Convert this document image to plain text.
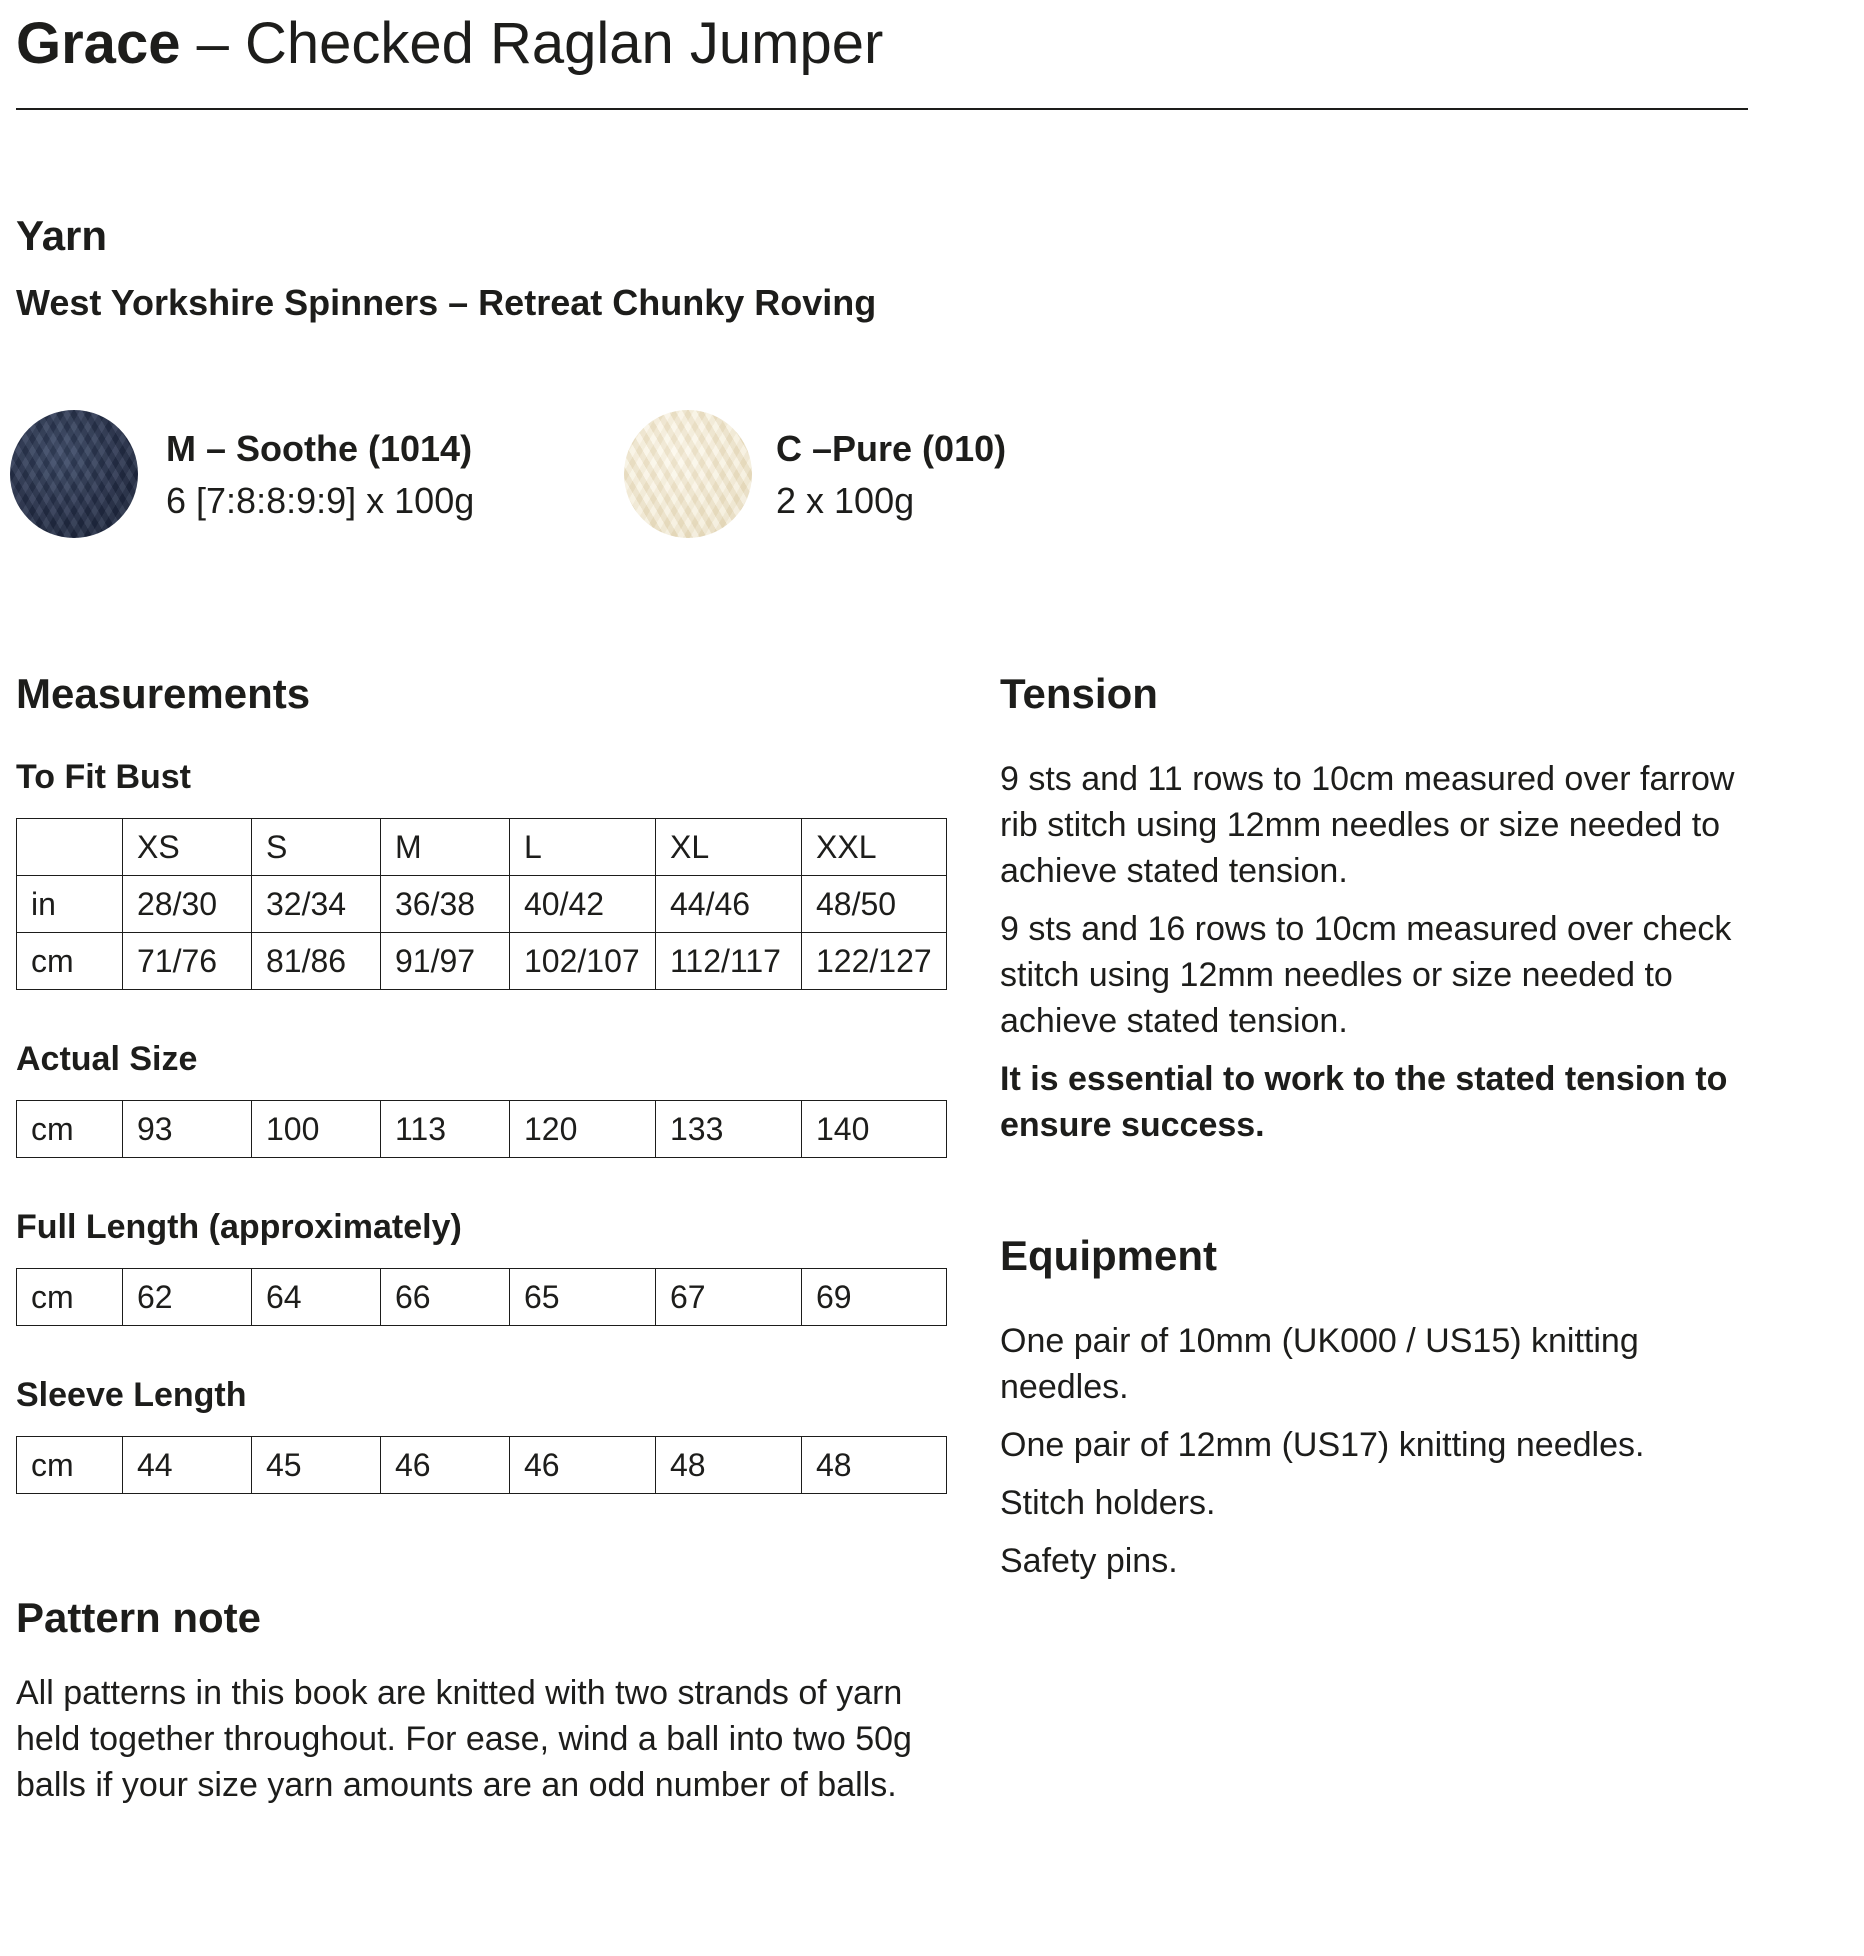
Grace – Checked Raglan Jumper
Yarn
West Yorkshire Spinners – Retreat Chunky Roving
M – Soothe (1014)
6 [7:8:8:9:9] x 100g
C –Pure (010)
2 x 100g
Measurements
To Fit Bust
	XS	S	M	L	XL	XXL
in	28/30	32/34	36/38	40/42	44/46	48/50
cm	71/76	81/86	91/97	102/107	112/117	122/127
Actual Size
cm	93	100	113	120	133	140
Full Length (approximately)
cm	62	64	66	65	67	69
Sleeve Length
cm	44	45	46	46	48	48
Pattern note
All patterns in this book are knitted with two strands of yarn held together throughout. For ease, wind a ball into two 50g balls if your size yarn amounts are an odd number of balls.
Tension
9 sts and 11 rows to 10cm measured over farrow rib stitch using 12mm needles or size needed to achieve stated tension.
9 sts and 16 rows to 10cm measured over check stitch using 12mm needles or size needed to achieve stated tension.
It is essential to work to the stated tension to ensure success.
Equipment
One pair of 10mm (UK000 / US15) knitting needles.
One pair of 12mm (US17) knitting needles.
Stitch holders.
Safety pins.
